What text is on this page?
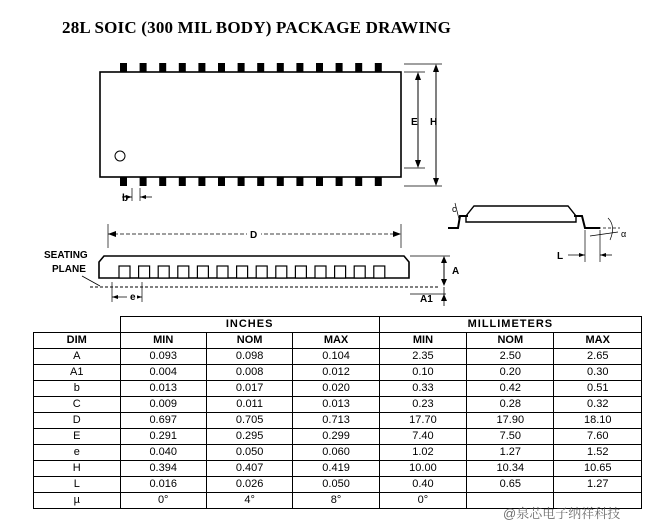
28L SOIC (300 MIL BODY) PACKAGE DRAWING
E H
b
D
SEATING
PLANE	A
A1
e
c
L
α
	INCHES			MILLIMETERS		
DIM	MIN	NOM	MAX	MIN	NOM	MAX
A	0.093	0.098	0.104	2.35	2.50	2.65
A1	0.004	0.008	0.012	0.10	0.20	0.30
b	0.013	0.017	0.020	0.33	0.42	0.51
C	0.009	0.011	0.013	0.23	0.28	0.32
D	0.697	0.705	0.713	17.70	17.90	18.10
E	0.291	0.295	0.299	7.40	7.50	7.60
e	0.040	0.050	0.060	1.02	1.27	1.52
H	0.394	0.407	0.419	10.00	10.34	10.65
L	0.016	0.026	0.050	0.40	0.65	1.27
µ	0°	4°	8°	0°		
@泉芯电子纳祥科技
